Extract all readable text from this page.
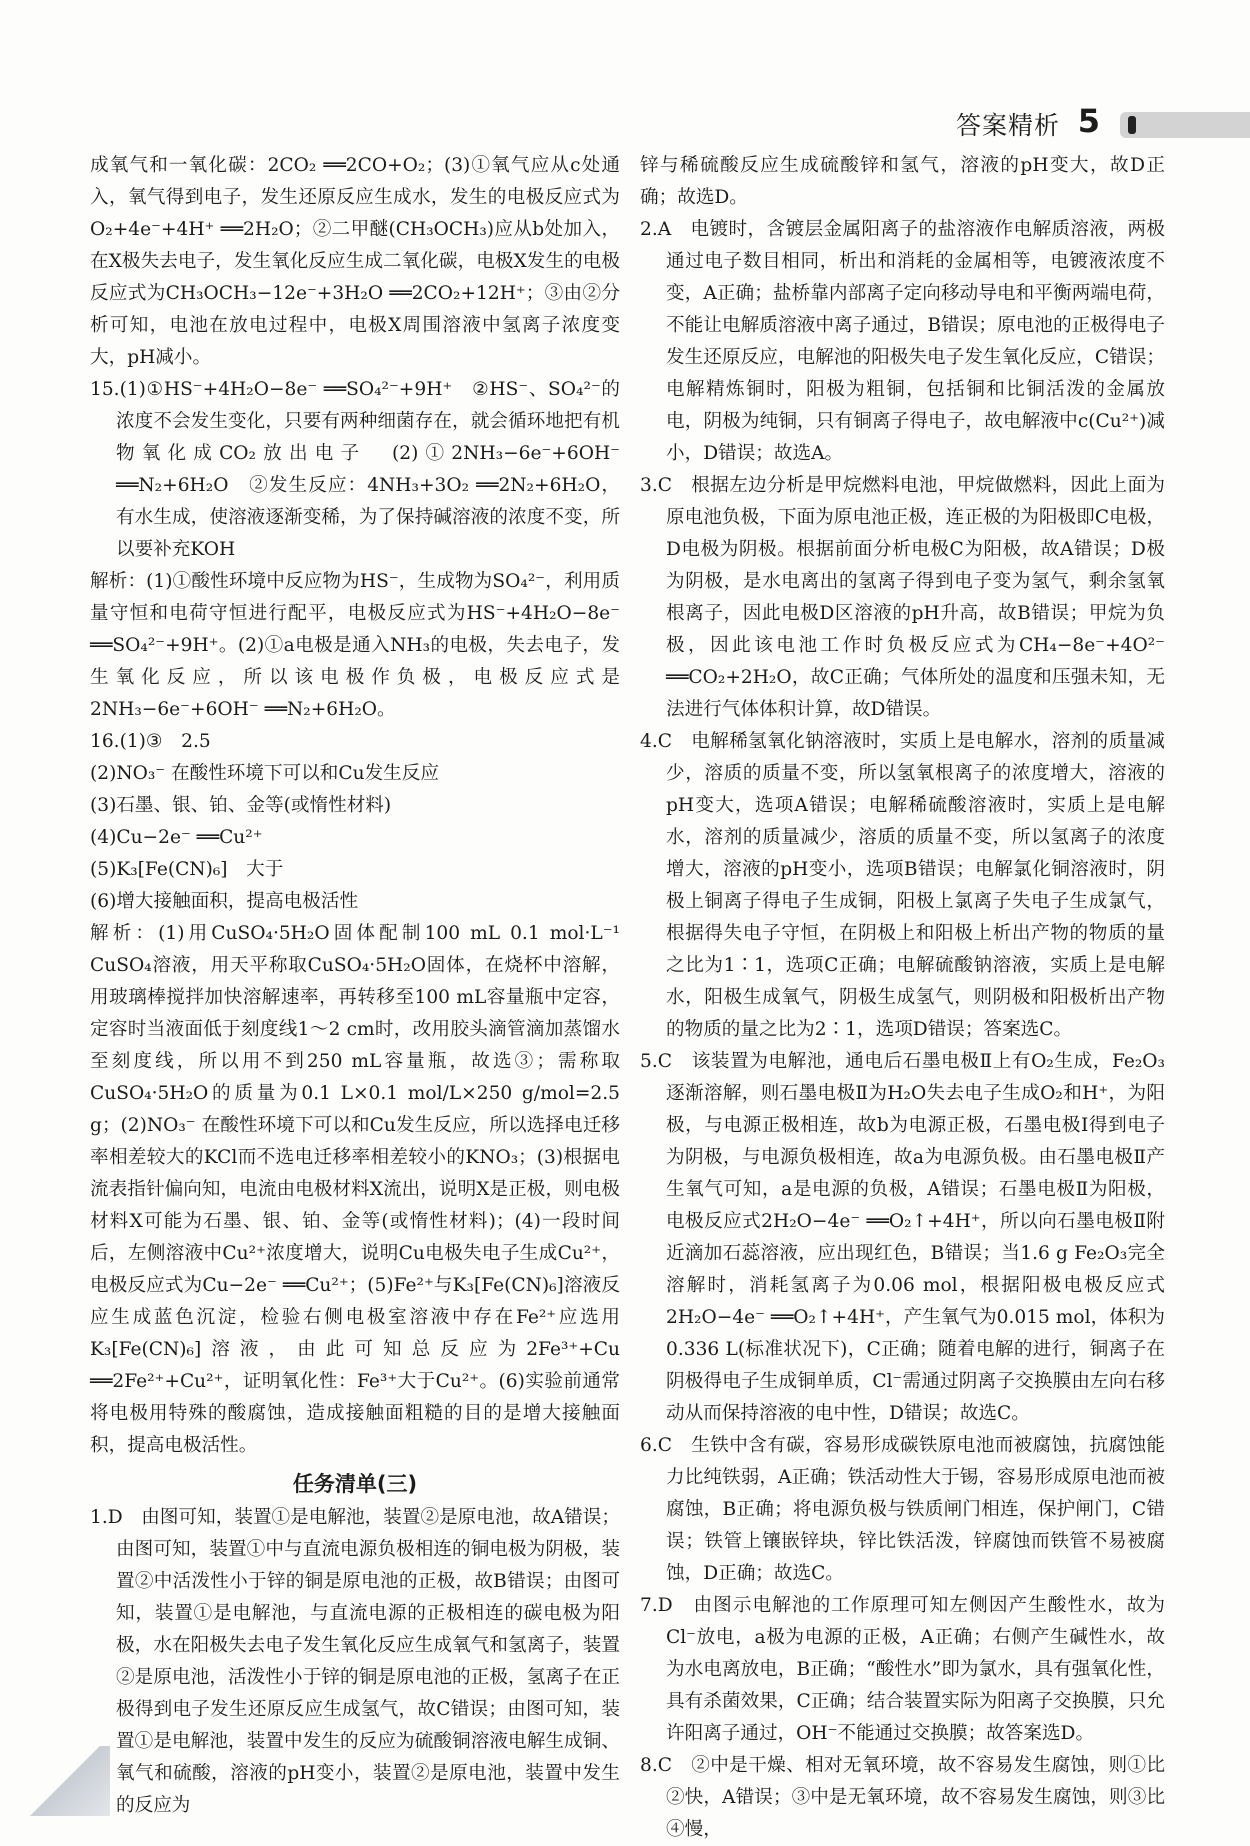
答案精析 5

成氧气和一氧化碳：2CO₂ ══2CO+O₂；(3)①氧气应从c处通入，氧气得到电子，发生还原反应生成水，发生的电极反应式为O₂+4e⁻+4H⁺ ══2H₂O；②二甲醚(CH₃OCH₃)应从b处加入，在X极失去电子，发生氧化反应生成二氧化碳，电极X发生的电极反应式为CH₃OCH₃−12e⁻+3H₂O ══2CO₂+12H⁺；③由②分析可知，电池在放电过程中，电极X周围溶液中氢离子浓度变大，pH减小。

15.(1)①HS⁻+4H₂O−8e⁻ ══SO₄²⁻+9H⁺　②HS⁻、SO₄²⁻的浓度不会发生变化，只要有两种细菌存在，就会循环地把有机物氧化成CO₂放出电子　(2)①2NH₃−6e⁻+6OH⁻ ══N₂+6H₂O　②发生反应：4NH₃+3O₂ ══2N₂+6H₂O，有水生成，使溶液逐渐变稀，为了保持碱溶液的浓度不变，所以要补充KOH

解析：(1)①酸性环境中反应物为HS⁻，生成物为SO₄²⁻，利用质量守恒和电荷守恒进行配平，电极反应式为HS⁻+4H₂O−8e⁻ ══SO₄²⁻+9H⁺。(2)①a电极是通入NH₃的电极，失去电子，发生氧化反应，所以该电极作负极，电极反应式是2NH₃−6e⁻+6OH⁻ ══N₂+6H₂O。

16.(1)③　2.5

(2)NO₃⁻ 在酸性环境下可以和Cu发生反应

(3)石墨、银、铂、金等(或惰性材料)

(4)Cu−2e⁻ ══Cu²⁺

(5)K₃[Fe(CN)₆]　大于

(6)增大接触面积，提高电极活性

解析：(1)用CuSO₄·5H₂O固体配制100 mL 0.1 mol·L⁻¹ CuSO₄溶液，用天平称取CuSO₄·5H₂O固体，在烧杯中溶解，用玻璃棒搅拌加快溶解速率，再转移至100 mL容量瓶中定容，定容时当液面低于刻度线1～2 cm时，改用胶头滴管滴加蒸馏水至刻度线，所以用不到250 mL容量瓶，故选③；需称取CuSO₄·5H₂O的质量为0.1 L×0.1 mol/L×250 g/mol=2.5 g；(2)NO₃⁻ 在酸性环境下可以和Cu发生反应，所以选择电迁移率相差较大的KCl而不选电迁移率相差较小的KNO₃；(3)根据电流表指针偏向知，电流由电极材料X流出，说明X是正极，则电极材料X可能为石墨、银、铂、金等(或惰性材料)；(4)一段时间后，左侧溶液中Cu²⁺浓度增大，说明Cu电极失电子生成Cu²⁺，电极反应式为Cu−2e⁻ ══Cu²⁺；(5)Fe²⁺与K₃[Fe(CN)₆]溶液反应生成蓝色沉淀，检验右侧电极室溶液中存在Fe²⁺应选用K₃[Fe(CN)₆]溶液，由此可知总反应为2Fe³⁺+Cu ══2Fe²⁺+Cu²⁺，证明氧化性：Fe³⁺大于Cu²⁺。(6)实验前通常将电极用特殊的酸腐蚀，造成接触面粗糙的目的是增大接触面积，提高电极活性。

任务清单(三)

1.D　由图可知，装置①是电解池，装置②是原电池，故A错误；由图可知，装置①中与直流电源负极相连的铜电极为阴极，装置②中活泼性小于锌的铜是原电池的正极，故B错误；由图可知，装置①是电解池，与直流电源的正极相连的碳电极为阳极，水在阳极失去电子发生氧化反应生成氧气和氢离子，装置②是原电池，活泼性小于锌的铜是原电池的正极，氢离子在正极得到电子发生还原反应生成氢气，故C错误；由图可知，装置①是电解池，装置中发生的反应为硫酸铜溶液电解生成铜、氧气和硫酸，溶液的pH变小，装置②是原电池，装置中发生的反应为

锌与稀硫酸反应生成硫酸锌和氢气，溶液的pH变大，故D正确；故选D。

2.A　电镀时，含镀层金属阳离子的盐溶液作电解质溶液，两极通过电子数目相同，析出和消耗的金属相等，电镀液浓度不变，A正确；盐桥靠内部离子定向移动导电和平衡两端电荷，不能让电解质溶液中离子通过，B错误；原电池的正极得电子发生还原反应，电解池的阳极失电子发生氧化反应，C错误；电解精炼铜时，阳极为粗铜，包括铜和比铜活泼的金属放电，阴极为纯铜，只有铜离子得电子，故电解液中c(Cu²⁺)减小，D错误；故选A。

3.C　根据左边分析是甲烷燃料电池，甲烷做燃料，因此上面为原电池负极，下面为原电池正极，连正极的为阳极即C电极，D电极为阴极。根据前面分析电极C为阳极，故A错误；D极为阴极，是水电离出的氢离子得到电子变为氢气，剩余氢氧根离子，因此电极D区溶液的pH升高，故B错误；甲烷为负极，因此该电池工作时负极反应式为CH₄−8e⁻+4O²⁻ ══CO₂+2H₂O，故C正确；气体所处的温度和压强未知，无法进行气体体积计算，故D错误。

4.C　电解稀氢氧化钠溶液时，实质上是电解水，溶剂的质量减少，溶质的质量不变，所以氢氧根离子的浓度增大，溶液的pH变大，选项A错误；电解稀硫酸溶液时，实质上是电解水，溶剂的质量减少，溶质的质量不变，所以氢离子的浓度增大，溶液的pH变小，选项B错误；电解氯化铜溶液时，阴极上铜离子得电子生成铜，阳极上氯离子失电子生成氯气，根据得失电子守恒，在阴极上和阳极上析出产物的物质的量之比为1∶1，选项C正确；电解硫酸钠溶液，实质上是电解水，阳极生成氧气，阴极生成氢气，则阴极和阳极析出产物的物质的量之比为2∶1，选项D错误；答案选C。

5.C　该装置为电解池，通电后石墨电极Ⅱ上有O₂生成，Fe₂O₃逐渐溶解，则石墨电极Ⅱ为H₂O失去电子生成O₂和H⁺，为阳极，与电源正极相连，故b为电源正极，石墨电极Ⅰ得到电子为阴极，与电源负极相连，故a为电源负极。由石墨电极Ⅱ产生氧气可知，a是电源的负极，A错误；石墨电极Ⅱ为阳极，电极反应式2H₂O−4e⁻ ══O₂↑+4H⁺，所以向石墨电极Ⅱ附近滴加石蕊溶液，应出现红色，B错误；当1.6 g Fe₂O₃完全溶解时，消耗氢离子为0.06 mol，根据阳极电极反应式2H₂O−4e⁻ ══O₂↑+4H⁺，产生氧气为0.015 mol，体积为0.336 L(标准状况下)，C正确；随着电解的进行，铜离子在阴极得电子生成铜单质，Cl⁻需通过阴离子交换膜由左向右移动从而保持溶液的电中性，D错误；故选C。

6.C　生铁中含有碳，容易形成碳铁原电池而被腐蚀，抗腐蚀能力比纯铁弱，A正确；铁活动性大于锡，容易形成原电池而被腐蚀，B正确；将电源负极与铁质闸门相连，保护闸门，C错误；铁管上镶嵌锌块，锌比铁活泼，锌腐蚀而铁管不易被腐蚀，D正确；故选C。

7.D　由图示电解池的工作原理可知左侧因产生酸性水，故为Cl⁻放电，a极为电源的正极，A正确；右侧产生碱性水，故为水电离放电，B正确；“酸性水”即为氯水，具有强氧化性，具有杀菌效果，C正确；结合装置实际为阳离子交换膜，只允许阳离子通过，OH⁻不能通过交换膜；故答案选D。

8.C　②中是干燥、相对无氧环境，故不容易发生腐蚀，则①比②快，A错误；③中是无氧环境，故不容易发生腐蚀，则③比④慢，
